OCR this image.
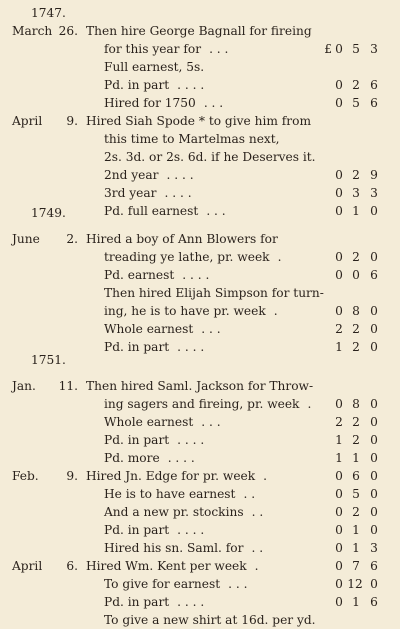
1747.
1749.
1751.
March 26. Then hire George Bagnall for fireing
for this year for . . .	£ 0 5 3
Full earnest, 5s.
Pd. in part . . . .	0 2 6
Hired for 1750 . . .	0 5 6
April	9. Hired Siah Spode * to give him from
this time to Martelmas next,
2s. 3d. or 2s. 6d. if he Deserves it.
2nd year . . . .	0 2 9
3rd year . . . .	0 3 3
Pd. full earnest . . .	0 1 0
June	2. Hired a boy of Ann Blowers for
treading ye lathe, pr. week .	0 2 0
Pd. earnest . . . .	0 0 6
Then hired Elijah Simpson for turn-
ing, he is to have pr. week .	0 8 0
Whole earnest . . .	2 2 0
Pd. in part . . . .	1 2 0
Jan. 11. Then hired Saml. Jackson for Throw-
ing sagers and fireing, pr. week . 0 8 0
Whole earnest . . .	2 2 0
Pd. in part . . . .	1 2 0
Pd. more . . . .	1 1 0
Feb.	9. Hired Jn. Edge for pr. week .	0 6 0
He is to have earnest . .	0 5 0
And a new pr. stockins . .	0 2 0
Pd. in part . . . .	0 1 0
Hired his sn. Saml. for . .	0 1 3
April	6. Hired Wm. Kent per week .	0 7 6
To give for earnest . . .	0 12 0
Pd. in part . . . .	0 1 6
To give a new shirt at 16d. per yd.
